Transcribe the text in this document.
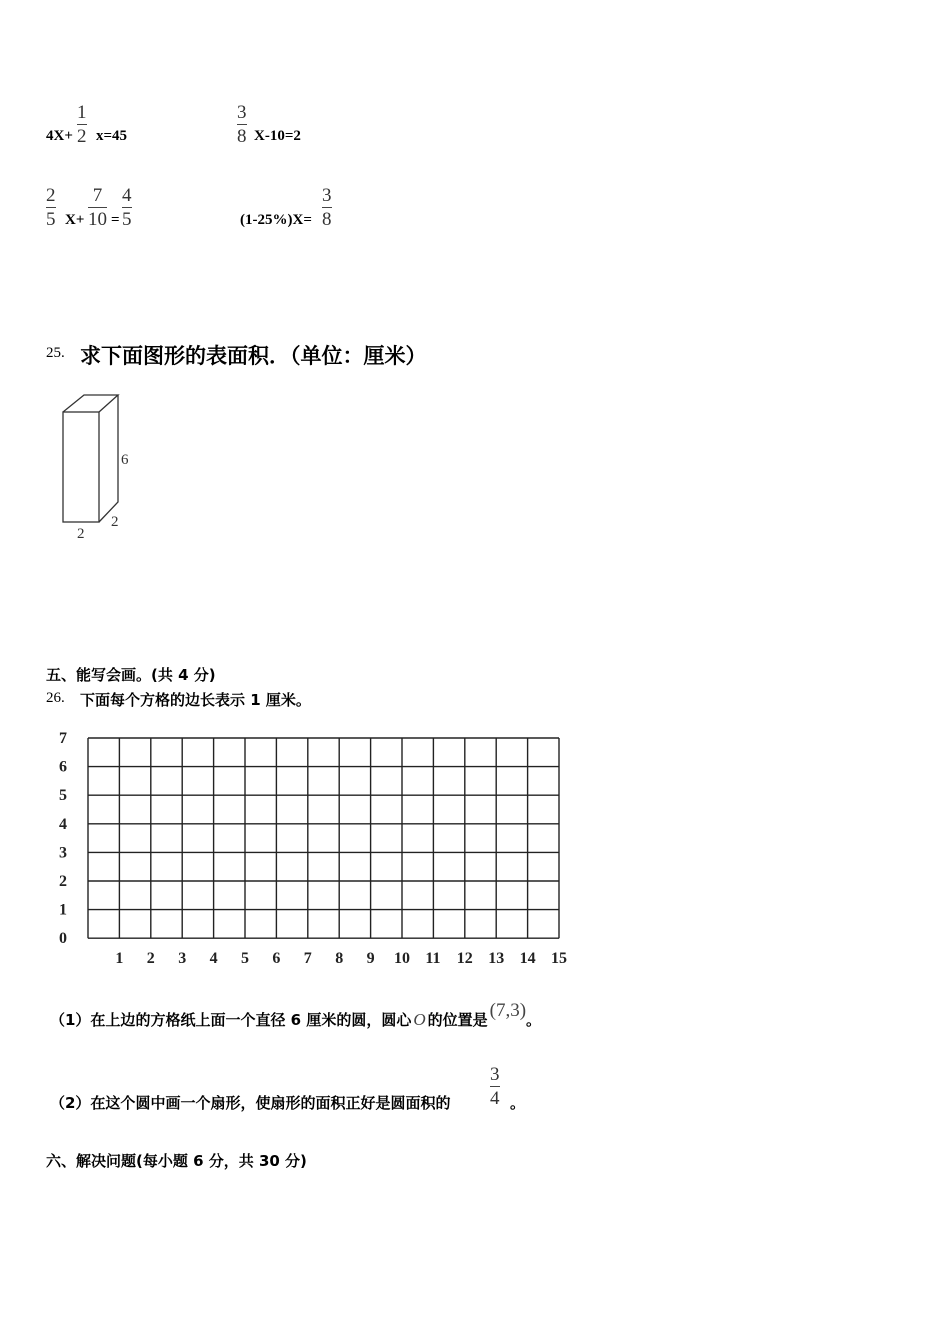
4X+
1
2 x=45
3
8 X-10=2
2
5 X+
7
10 =
4
5	(1-25%)X=
3
8
25. 求下面图形的表面积．（单位：厘米）
6
2
2
五、能写会画。(共 4 分)
26. 下面每个方格的边长表示 1 厘米。
0
1
2
3
4
5
6
7
1 2 3 4 5 6 7 8 9 10 11 12 13 14 15
（1）在上边的方格纸上面一个直径 6 厘米的圆，圆心 O 的位置是 (7,3) 。
（2）在这个圆中画一个扇形，使扇形的面积正好是圆面积的
3
4 。
六、解决问题(每小题 6 分，共 30 分)
